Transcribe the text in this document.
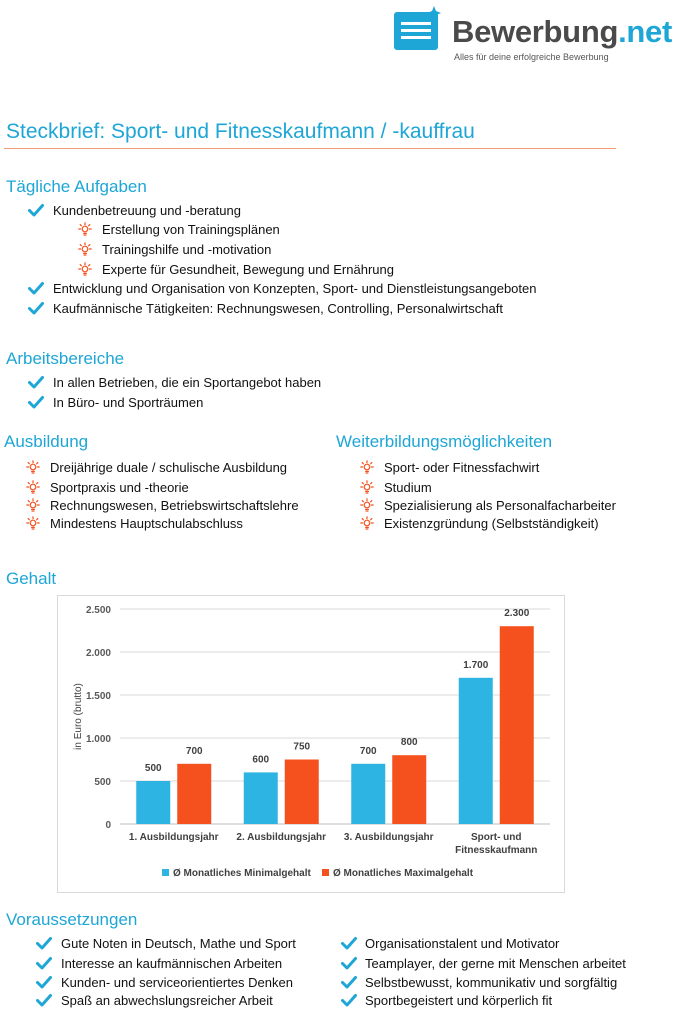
Bewerbung.net
Alles für deine erfolgreiche Bewerbung
Steckbrief: Sport- und Fitnesskaufmann / -kauffrau
Tägliche Aufgaben
Kundenbetreuung und -beratung
Erstellung von Trainingsplänen
Trainingshilfe und -motivation
Experte für Gesundheit, Bewegung und Ernährung
Entwicklung und Organisation von Konzepten, Sport- und Dienstleistungsangeboten
Kaufmännische Tätigkeiten: Rechnungswesen, Controlling, Personalwirtschaft
Arbeitsbereiche
In allen Betrieben, die ein Sportangebot haben
In Büro- und Sporträumen
Ausbildung
Dreijährige duale / schulische Ausbildung
Sportpraxis und -theorie
Rechnungswesen, Betriebswirtschaftslehre
Mindestens Hauptschulabschluss
Weiterbildungsmöglichkeiten
Sport- oder Fitnessfachwirt
Studium
Spezialisierung als Personalfacharbeiter
Existenzgründung (Selbstständigkeit)
Gehalt
0
500
1.000
1.500
2.000
2.500
in Euro (brutto)
500
700
1. Ausbildungsjahr
600
750
2. Ausbildungsjahr
700
800
3. Ausbildungsjahr
1.700
2.300
Sport- und
Fitnesskaufmann
Ø Monatliches Minimalgehalt Ø Monatliches Maximalgehalt
Voraussetzungen
Gute Noten in Deutsch, Mathe und Sport
Interesse an kaufmännischen Arbeiten
Kunden- und serviceorientiertes Denken
Spaß an abwechslungsreicher Arbeit
Organisationstalent und Motivator
Teamplayer, der gerne mit Menschen arbeitet
Selbstbewusst, kommunikativ und sorgfältig
Sportbegeistert und körperlich fit
